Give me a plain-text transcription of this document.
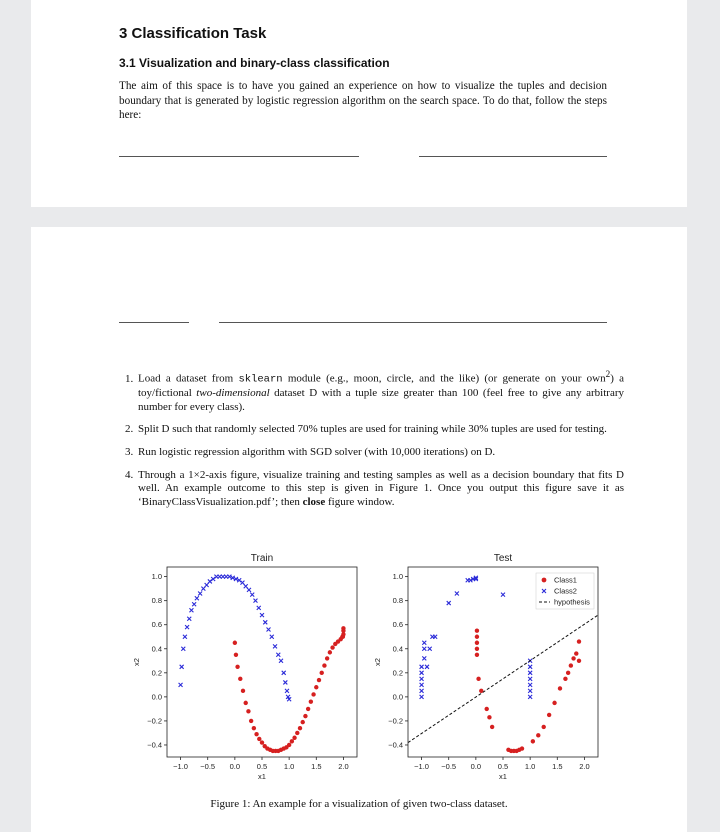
3 Classification Task
3.1 Visualization and binary-class classification

The aim of this space is to have you gained an experience on how to visualize the tuples and decision boundary that is generated by logistic regression algorithm on the search space. To do that, follow the steps here:

1. Load a dataset from sklearn module (e.g., moon, circle, and the like) (or generate on your own$^2$) a toy/fictional two-dimensional dataset D with a tuple size greater than 100 (feel free to give any arbitrary number for every class).
2. Split D such that randomly selected 70% tuples are used for training while 30% tuples are used for testing.
3. Run logistic regression algorithm with SGD solver (with 10,000 iterations) on D.
4. Through a 1×2-axis figure, visualize training and testing samples as well as a decision boundary that fits D well. An example outcome to this step is given in Figure 1. Once you output this figure save it as ‘BinaryClassVisualization.pdf’; then close figure window.
Train
−1.0 −0.5 0.0 0.5 1.0 1.5 2.0
1.0
0.8
0.6
0.4
0.2
0.0
−0.2
−0.4
x1
x2
Test
−1.0 −0.5 0.0 0.5 1.0 1.5 2.0
1.0
0.8
0.6
0.4
0.2
0.0
−0.2
−0.4
x1
x2
Class1
Class2
hypothesis
Figure 1: An example for a visualization of given two-class dataset.
